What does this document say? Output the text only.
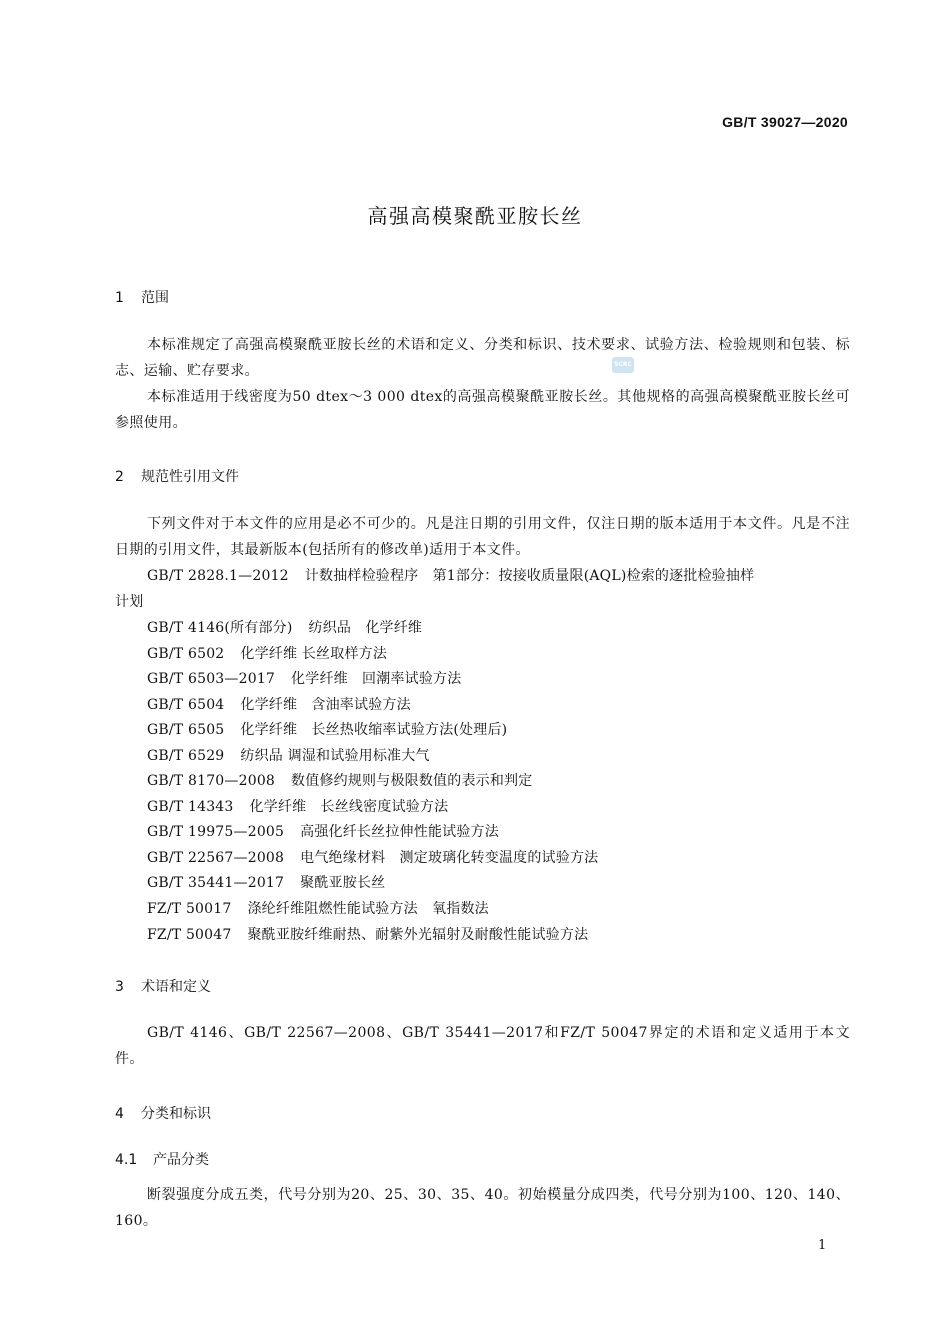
GB/T 39027—2020
高强高模聚酰亚胺长丝
1 范围
本标准规定了高强高模聚酰亚胺长丝的术语和定义、分类和标识、技术要求、试验方法、检验规则和包装、标志、运输、贮存要求。
本标准适用于线密度为50 dtex～3 000 dtex的高强高模聚酰亚胺长丝。其他规格的高强高模聚酰亚胺长丝可参照使用。
SCRC
2 规范性引用文件
下列文件对于本文件的应用是必不可少的。凡是注日期的引用文件，仅注日期的版本适用于本文件。凡是不注日期的引用文件，其最新版本(包括所有的修改单)适用于本文件。
GB/T 2828.1—2012 计数抽样检验程序　第1部分：按接收质量限(AQL)检索的逐批检验抽样
计划
GB/T 4146(所有部分) 纺织品　化学纤维
GB/T 6502 化学纤维 长丝取样方法
GB/T 6503—2017 化学纤维　回潮率试验方法
GB/T 6504 化学纤维　含油率试验方法
GB/T 6505 化学纤维　长丝热收缩率试验方法(处理后)
GB/T 6529 纺织品 调湿和试验用标准大气
GB/T 8170—2008 数值修约规则与极限数值的表示和判定
GB/T 14343 化学纤维　长丝线密度试验方法
GB/T 19975—2005 高强化纤长丝拉伸性能试验方法
GB/T 22567—2008 电气绝缘材料　测定玻璃化转变温度的试验方法
GB/T 35441—2017 聚酰亚胺长丝
FZ/T 50017 涤纶纤维阻燃性能试验方法　氧指数法
FZ/T 50047 聚酰亚胺纤维耐热、耐紫外光辐射及耐酸性能试验方法
3 术语和定义
GB/T 4146、GB/T 22567—2008、GB/T 35441—2017和FZ/T 50047界定的术语和定义适用于本文件。
4 分类和标识
4.1 产品分类
断裂强度分成五类，代号分别为20、25、30、35、40。初始模量分成四类，代号分别为100、120、140、160。
1
